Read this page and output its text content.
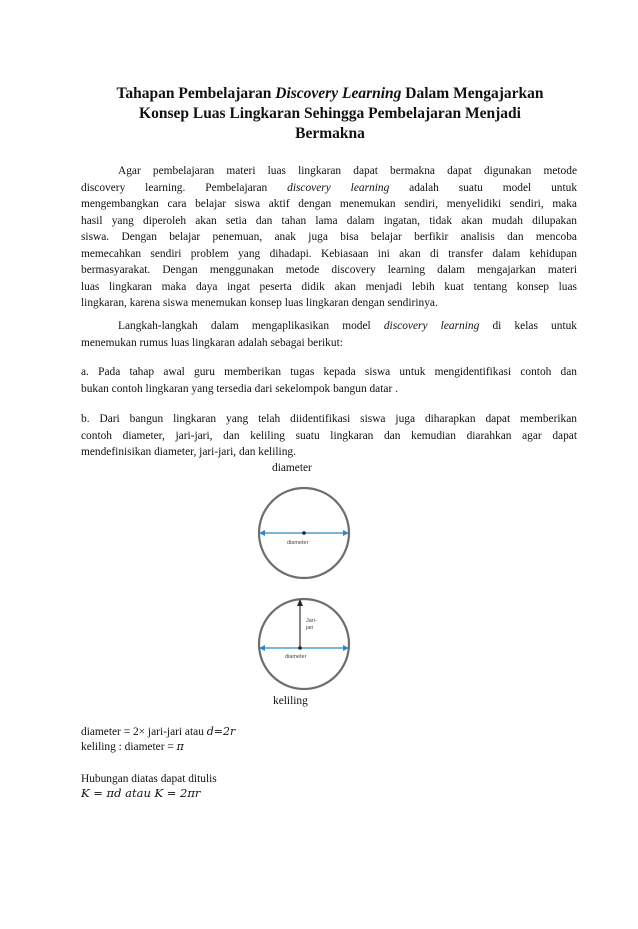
Tahapan Pembelajaran Discovery Learning Dalam Mengajarkan
Konsep Luas Lingkaran Sehingga Pembelajaran Menjadi
Bermakna
Agar pembelajaran materi luas lingkaran dapat bermakna dapat digunakan metode
discovery learning. Pembelajaran discovery learning adalah suatu model untuk
mengembangkan cara belajar siswa aktif dengan menemukan sendiri, menyelidiki sendiri, maka
hasil yang diperoleh akan setia dan tahan lama dalam ingatan, tidak akan mudah dilupakan
siswa. Dengan belajar penemuan, anak juga bisa belajar berfikir analisis dan mencoba
memecahkan sendiri problem yang dihadapi. Kebiasaan ini akan di transfer dalam kehidupan
bermasyarakat. Dengan menggunakan metode discovery learning dalam mengajarkan materi
luas lingkaran maka daya ingat peserta didik akan menjadi lebih kuat tentang konsep luas
lingkaran, karena siswa menemukan konsep luas lingkaran dengan sendirinya.
Langkah-langkah dalam mengaplikasikan model discovery learning di kelas untuk
menemukan rumus luas lingkaran adalah sebagai berikut:
a. Pada tahap awal guru memberikan tugas kepada siswa untuk mengidentifikasi contoh dan
bukan contoh lingkaran yang tersedia dari sekelompok bangun datar .
b. Dari bangun lingkaran yang telah diidentifikasi siswa juga diharapkan dapat memberikan
contoh diameter, jari-jari, dan keliling suatu lingkaran dan kemudian diarahkan agar dapat
mendefinisikan diameter, jari-jari, dan keliling.
diameter
diameter
Jari-
jari
diameter
keliling
diameter = 2× jari-jari atau d=2r
keliling : diameter = π
Hubungan diatas dapat ditulis
K = πd atau K = 2πr
